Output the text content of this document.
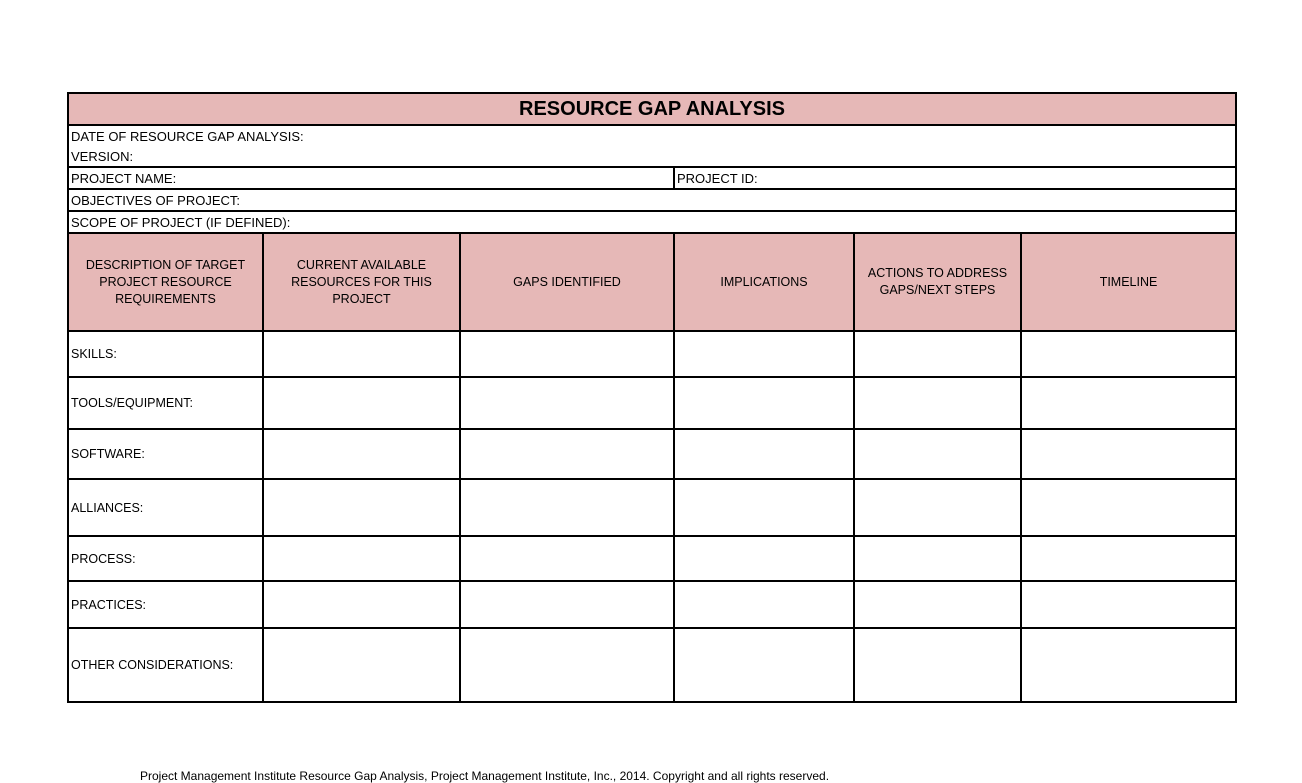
RESOURCE GAP ANALYSIS					
DATE OF RESOURCE GAP ANALYSIS:					
VERSION:					
PROJECT NAME:			PROJECT ID:		
OBJECTIVES OF PROJECT:					
SCOPE OF PROJECT (IF DEFINED):					
DESCRIPTION OF TARGET PROJECT RESOURCE REQUIREMENTS	CURRENT AVAILABLE RESOURCES FOR THIS PROJECT	GAPS IDENTIFIED	IMPLICATIONS	ACTIONS TO ADDRESS GAPS/NEXT STEPS	TIMELINE
SKILLS:					
TOOLS/EQUIPMENT:					
SOFTWARE:					
ALLIANCES:					
PROCESS:					
PRACTICES:					
OTHER CONSIDERATIONS:					
Project Management Institute Resource Gap Analysis, Project Management Institute, Inc., 2014. Copyright and all rights reserved.
